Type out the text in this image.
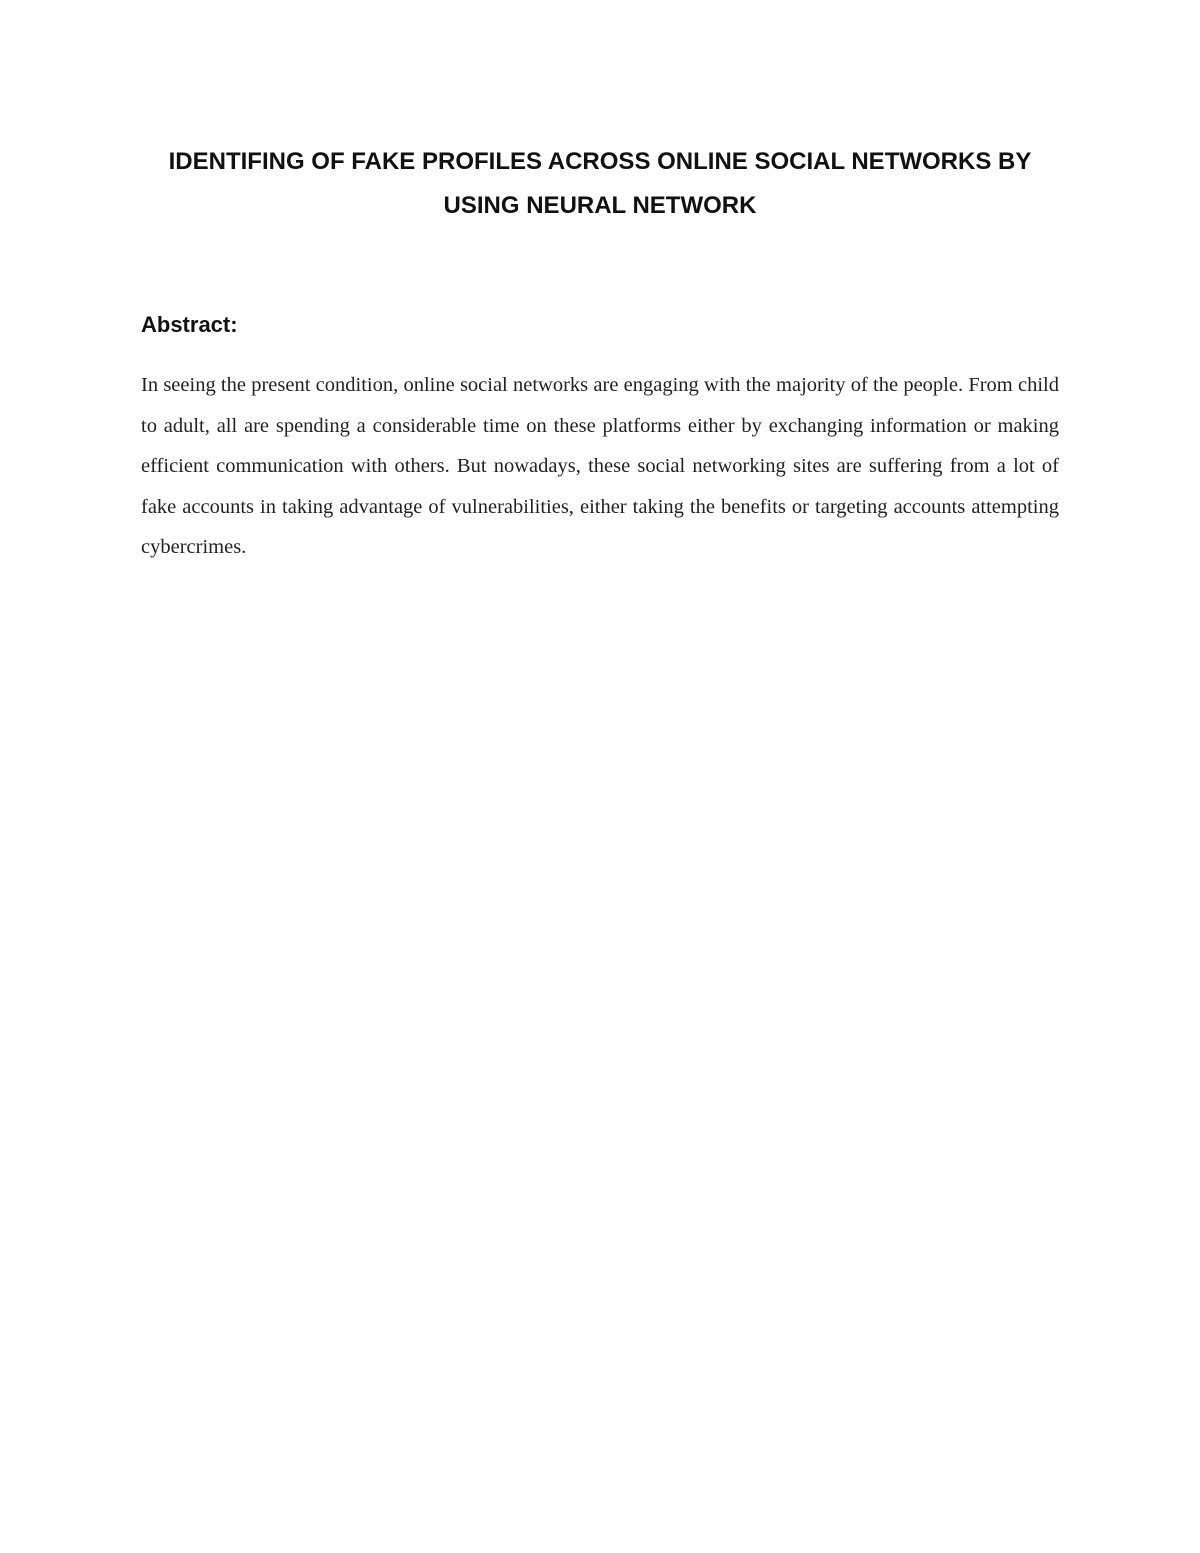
IDENTIFING OF FAKE PROFILES ACROSS ONLINE SOCIAL NETWORKS BY USING NEURAL NETWORK
Abstract:

In seeing the present condition, online social networks are engaging with the majority of the people. From child to adult, all are spending a considerable time on these platforms either by exchanging information or making efficient communication with others. But nowadays, these social networking sites are suffering from a lot of fake accounts in taking advantage of vulnerabilities, either taking the benefits or targeting accounts attempting cybercrimes.
